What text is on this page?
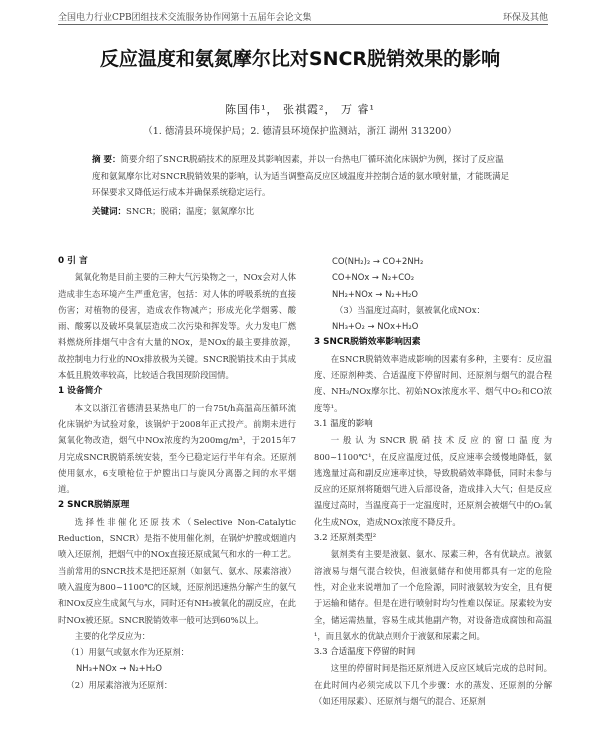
全国电力行业CPB团组技术交流服务协作网第十五届年会论文集	环保及其他
反应温度和氨氮摩尔比对SNCR脱销效果的影响
陈国伟¹， 张祺霞²， 万 睿¹
（1. 德清县环境保护局；2. 德清县环境保护监测站，浙江 湖州 313200）
摘 要：简要介绍了SNCR脱硝技术的原理及其影响因素，并以一台热电厂循环流化床锅炉为例，探讨了反应温度和氨氮摩尔比对SNCR脱销效果的影响，认为适当调整高反应区域温度并控制合适的氨水喷射量，才能既满足环保要求又降低运行成本并确保系统稳定运行。
关键词：SNCR；脱硝；温度；氨氮摩尔比
0 引 言

氮氧化物是目前主要的三种大气污染物之一，NOx会对人体造成非生态环境产生严重危害，包括：对人体的呼吸系统的直接伤害；对植物的侵害，造成农作物减产；形成光化学烟雾、酸雨、酸雾以及破坏臭氧层造成二次污染和挥发等。火力发电厂燃料燃烧所排烟气中含有大量的NOx，是NOx的最主要排放源，故控制电力行业的NOx排放极为关键。SNCR脱销技术由于其成本低且脱效率较高，比较适合我国现阶段国情。

1 设备简介

本文以浙江省德清县某热电厂的一台75t/h高温高压循环流化床锅炉为试验对象，该锅炉于2008年正式投产。前期未进行氮氧化物改造，烟气中NOx浓度约为200mg/m³，于2015年7月完成SNCR脱销系统安装，至今已稳定运行半年有余。还原剂使用氨水，6支喷枪位于炉膛出口与旋风分离器之间的水平烟道。

2 SNCR脱销原理

选择性非催化还原技术（Selective Non-Catalytic Reduction，SNCR）是指不使用催化剂，在锅炉炉膛或烟道内喷入还原剂，把烟气中的NOx直接还原成氮气和水的一种工艺。当前常用的SNCR技术是把还原剂（如氨气、氨水、尿素溶液）喷入温度为800~1100℃的区域，还原剂迅速热分解产生的氨气和NOx反应生成氮气与水，同时还有NH₃被氧化的副反应，在此时NOx被还原。SNCR脱销效率一般可达到60%以上。

主要的化学反应为：

（1）用氨气或氨水作为还原剂：

NH₃+NOx → N₂+H₂O

（2）用尿素溶液为还原剂：

CO(NH₂)₂ → CO+2NH₂
CO+NOx → N₂+CO₂
NH₂+NOx → N₂+H₂O

（3）当温度过高时，氨被氧化成NOx：

NH₃+O₂ → NOx+H₂O
3 SNCR脱销效率影响因素

在SNCR脱销效率造成影响的因素有多种，主要有：反应温度、还原剂种类、合适温度下停留时间、还原剂与烟气的混合程度、NH₃/NOx摩尔比、初始NOx浓度水平、烟气中O₂和CO浓度等¹。

3.1 温度的影响

一般认为SNCR脱硝技术反应的窗口温度为800~1100℃¹，在反应温度过低，反应速率会缓慢地降低，氨逃逸量过高和副反应速率过快，导致脱硝效率降低，同时未参与反应的还原剂将随烟气进入后部设备，造成排入大气；但是反应温度过高时，当温度高于一定温度时，还原剂会被烟气中的O₂氧化生成NOx，造成NOx浓度不降反升。

3.2 还原剂类型²

氨剂类有主要是液氨、氨水、尿素三种，各有优缺点。液氨溶液易与烟气混合较快，但液氨储存和使用都具有一定的危险性，对企业来说增加了一个危险源，同时液氨较为安全，且有便于运输和储存。但是在进行喷射时均匀性难以保证。尿素较为安全，储运需热量，容易生成其他副产物，对设备造成腐蚀和高温¹，而且氨水的优缺点则介于液氨和尿素之间。

3.3 合适温度下停留的时间

这里的停留时间是指还原剂进入反应区域后完成的总时间。在此时间内必须完成以下几个步骤：水的蒸发、还原剂的分解（如还用尿素）、还原剂与烟气的混合、还原剂
